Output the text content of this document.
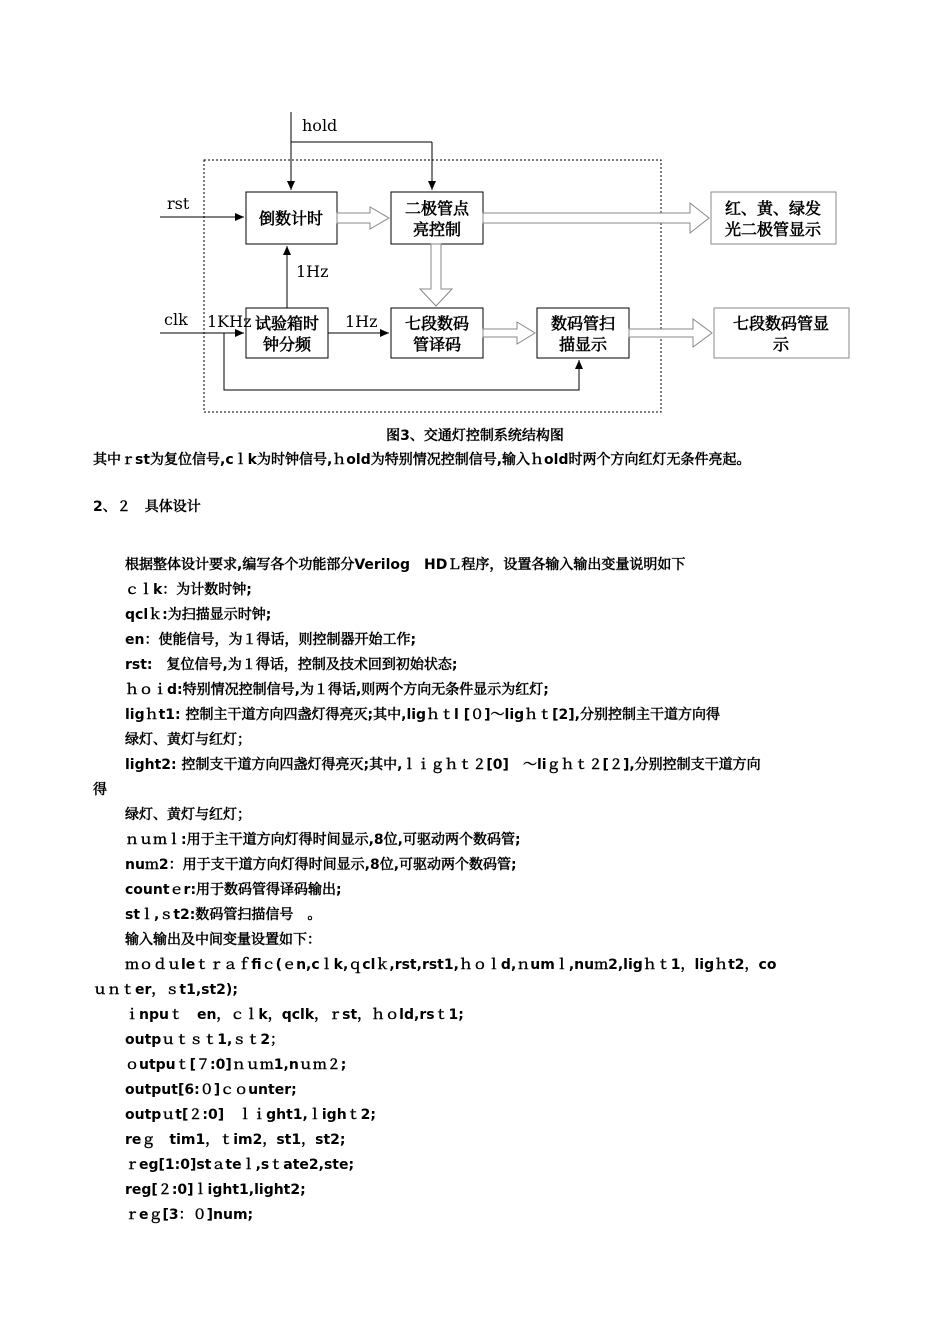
倒数计时
二极管点
亮控制
红、黄、绿发
光二极管显示
试验箱时
钟分频
七段数码
管译码
数码管扫
描显示
七段数码管显
示
hold
rst
clk 1KHz
1Hz
1Hz
图3、交通灯控制系统结构图
其中ｒst为复位信号,cｌk为时钟信号,ｈold为特别情况控制信号,输入ｈold时两个方向红灯无条件亮起。
2、２　具体设计
根据整体设计要求,编写各个功能部分Verilog　HDＬ程序，设置各输入输出变量说明如下
ｃｌk：为计数时钟;
qclｋ:为扫描显示时钟;
en：使能信号，为１得话，则控制器开始工作;
rst:　复位信号,为１得话，控制及技术回到初始状态;
ｈｏｉd:特别情况控制信号,为１得话,则两个方向无条件显示为红灯;
ligｈt1: 控制主干道方向四盏灯得亮灭;其中,ligｈｔl [０]～ligｈｔ[2],分别控制主干道方向得
绿灯、黄灯与红灯；
light2: 控制支干道方向四盏灯得亮灭;其中,ｌｉｇｈｔ２[0]　～liｇｈｔ２[２],分别控制支干道方向
得
绿灯、黄灯与红灯；
ｎｕｍｌ:用于主干道方向灯得时间显示,8位,可驱动两个数码管;
nuｍ2：用于支干道方向灯得时间显示,8位,可驱动两个数码管;
countｅr:用于数码管得译码输出;
stｌ,ｓt2:数码管扫描信号　。
输入输出及中间变量设置如下：
ｍｏｄｕleｔｒａｆfiｃ(ｅn,cｌk,ｑclｋ,rst,rst1,ｈｏｌd,ｎumｌ,nuｍ2,ligｈｔ1，ligｈt2，co
ｕｎｔer，ｓt1,st2);
ｉnpuｔ　en，ｃｌk，qclk，ｒst，ｈｏld,rsｔ1;
outpｕｔｓｔ1,ｓｔ2；
ｏutpuｔ[７:0]ｎｕｍ1,nｕｍ２;
output[6:０]ｃｏunter;
outpｕt[２:0]　ｌｉght1,ｌighｔ2;
reｇ　tim1，ｔim2，st1，st2;
ｒeg[1:0]stａteｌ,sｔate2,ste;
reg[２:0]ｌight1,light2;
ｒeｇ[3：０]num;
